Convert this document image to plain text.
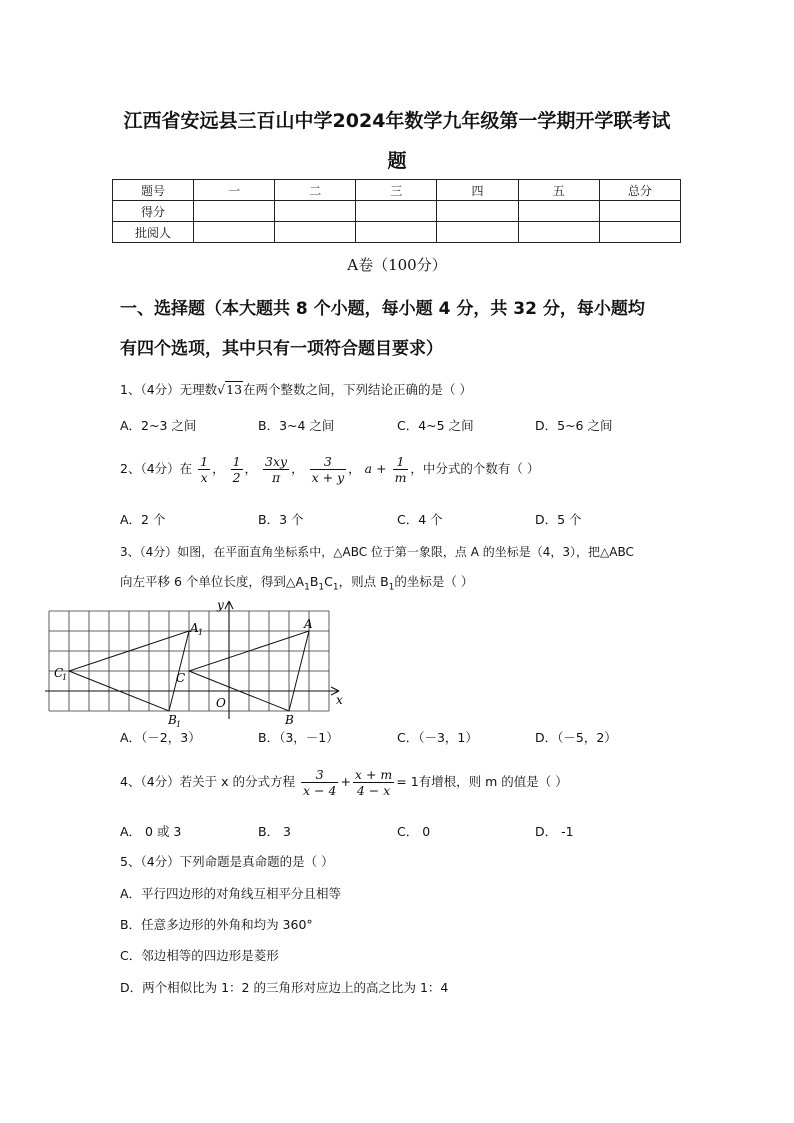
江西省安远县三百山中学2024年数学九年级第一学期开学联考试
题
题号	一	二	三	四	五	总分
得分						
批阅人						
A卷（100分）
一、选择题（本大题共 8 个小题，每小题 4 分，共 32 分，每小题均
有四个选项，其中只有一项符合题目要求）
1、（4分）无理数√13在两个整数之间，下列结论正确的是（ ）
A．2~3 之间	B．3~4 之间	C．4~5 之间	D．5~6 之间
2、（4分）在 $\frac{1}{x}$ ， $\frac{1}{2}$ ， $\frac{3xy}{\pi}$ ， $\frac{3}{x + y}$ ， $a + \frac{1}{m}$ ，中分式的个数有（ ）
A．2 个	B．3 个	C．4 个	D．5 个
3、（4分）如图，在平面直角坐标系中，△ABC 位于第一象限，点 A 的坐标是（4，3），把△ABC
向左平移 6 个单位长度，得到$\triangle A_1B_1C_1$，则点 $B_1$的坐标是（ ）
y
x
O
A
B
C
A 1
B 1
C
1
A．（－2，3）	B．（3，－1）	C．（－3，1）	D．（－5，2）
4、（4分）若关于 x 的分式方程 $\frac{3}{x - 4} + \frac{x + m}{4 - x} = 1$有增根，则 m 的值是（ ）
A． 0 或 3	B． 3	C． 0	D． -1
5、（4分）下列命题是真命题的是（ ）
A．平行四边形的对角线互相平分且相等
B．任意多边形的外角和均为 360°
C．邻边相等的四边形是菱形
D．两个相似比为 1：2 的三角形对应边上的高之比为 1：4
